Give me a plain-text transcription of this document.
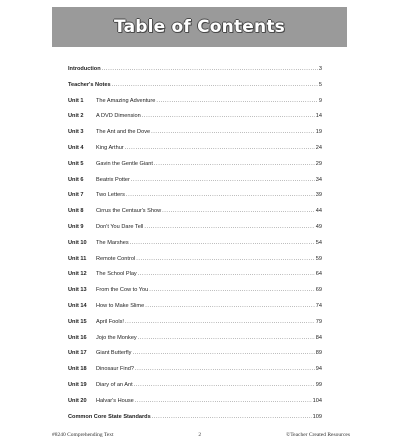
Table of Contents
Introduction .....	3
Teacher's Notes .....	5
Unit 1	The Amazing Adventure .....	9
Unit 2	A DVD Dimension .....	14
Unit 3	The Ant and the Dove .....	19
Unit 4	King Arthur .....	24
Unit 5	Gavin the Gentle Giant .....	29
Unit 6	Beatrix Potter .....	34
Unit 7	Two Letters .....	39
Unit 8	Cirrus the Centaur's Show .....	44
Unit 9	Don't You Dare Tell .....	49
Unit 10	The Marshes .....	54
Unit 11	Remote Control .....	59
Unit 12	The School Play .....	64
Unit 13	From the Cow to You .....	69
Unit 14	How to Make Slime .....	74
Unit 15	April Fools! .....	79
Unit 16	Jojo the Monkey .....	84
Unit 17	Giant Butterfly .....	89
Unit 18	Dinosaur Find? .....	94
Unit 19	Diary of an Ant .....	99
Unit 20	Halvar's House .....	104
Common Core State Standards .....	109
#8240 Comprehending Text	2	©Teacher Created Resources
